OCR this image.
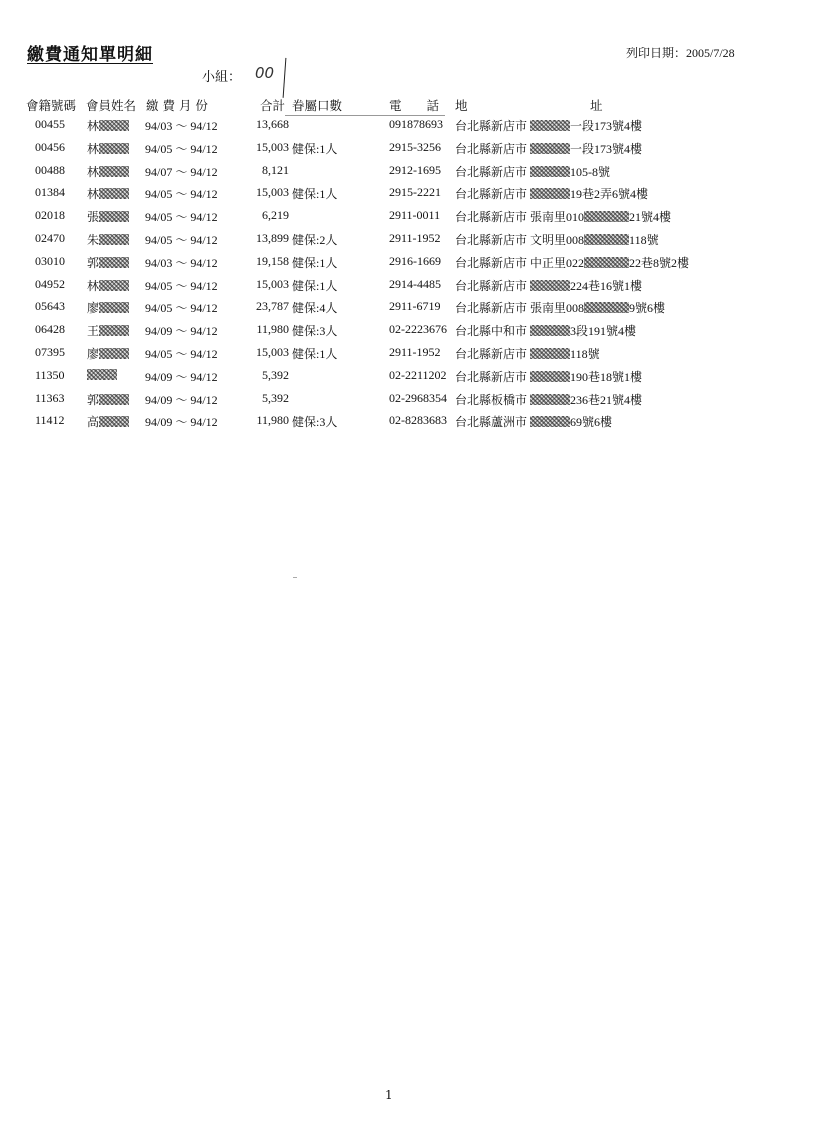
繳費通知單明細	列印日期：2005/7/28
小組： 00
會籍號碼 會員姓名 繳 費 月 份	合計 眷屬口數	電　　話 地	址
00455 林	94/03 ～ 94/12	13,668	091878693	台北縣新店市	一段173號4樓
00456 林	94/05 ～ 94/12	15,003 健保:1人	2915-3256	台北縣新店市	一段173號4樓
00488 林	94/07 ～ 94/12	8,121	2912-1695	台北縣新店市	105-8號
01384 林	94/05 ～ 94/12	15,003 健保:1人	2915-2221	台北縣新店市	19巷2弄6號4樓
02018 張	94/05 ～ 94/12	6,219	2911-0011	台北縣新店市 張南里010	21號4樓
02470 朱	94/05 ～ 94/12	13,899 健保:2人	2911-1952	台北縣新店市 文明里008	118號
03010 郭	94/03 ～ 94/12	19,158 健保:1人	2916-1669	台北縣新店市 中正里022	22巷8號2樓
04952 林	94/05 ～ 94/12	15,003 健保:1人	2914-4485	台北縣新店市	224巷16號1樓
05643 廖	94/05 ～ 94/12	23,787 健保:4人	2911-6719	台北縣新店市 張南里008	9號6樓
06428 王	94/09 ～ 94/12	11,980 健保:3人	02-2223676 台北縣中和市	3段191號4樓
07395 廖	94/05 ～ 94/12	15,003 健保:1人	2911-1952	台北縣新店市	118號
11350	94/09 ～ 94/12	5,392	02-2211202 台北縣新店市	190巷18號1樓
11363 郭	94/09 ～ 94/12	5,392	02-2968354 台北縣板橋市	236巷21號4樓
11412 高	94/09 ～ 94/12	11,980 健保:3人	02-8283683 台北縣蘆洲市	69號6樓
1
